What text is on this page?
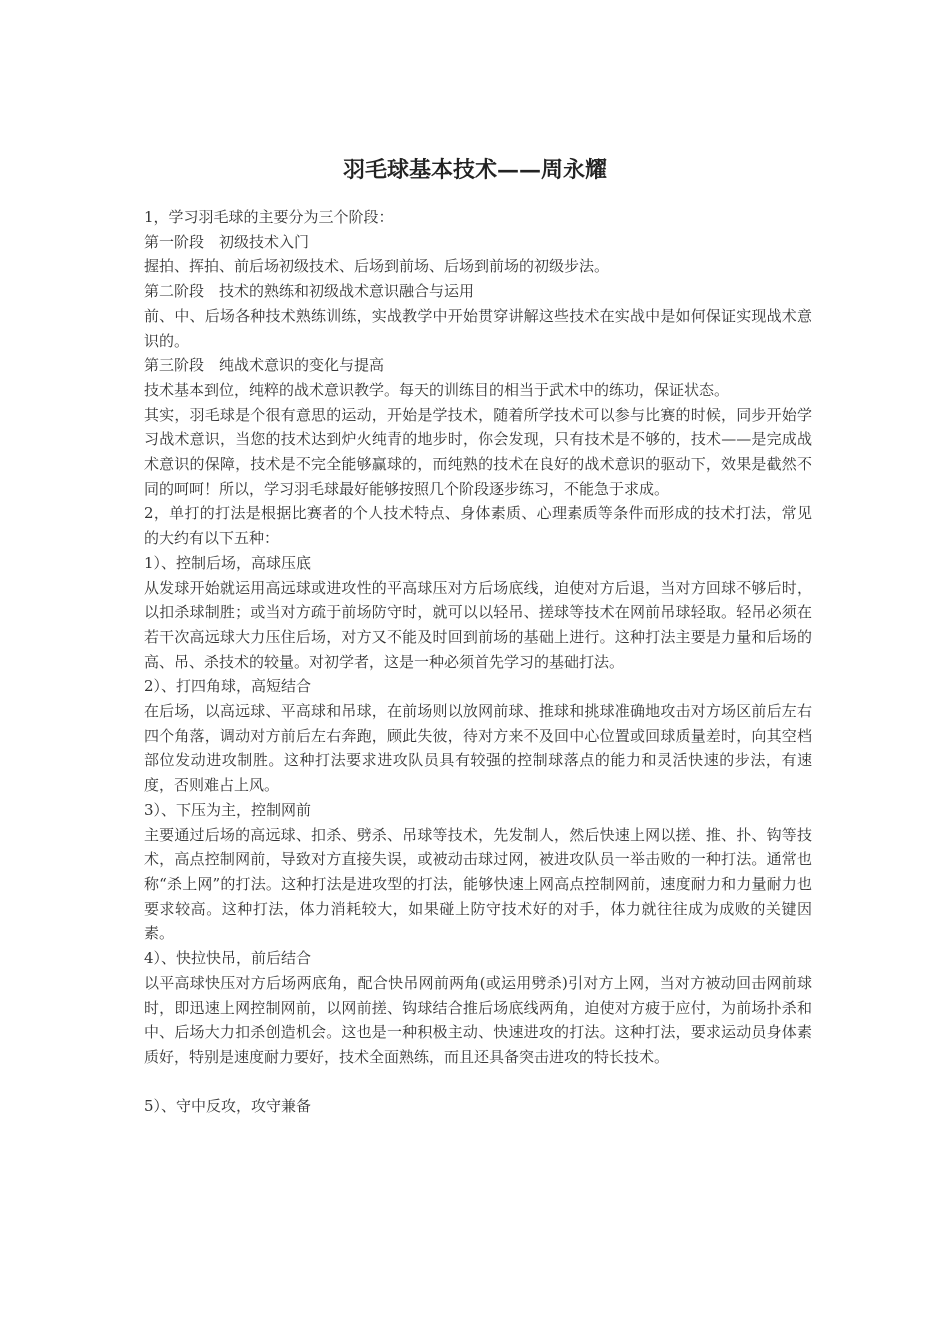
羽毛球基本技术——周永耀

1，学习羽毛球的主要分为三个阶段：

第一阶段　初级技术入门

握拍、挥拍、前后场初级技术、后场到前场、后场到前场的初级步法。

第二阶段　技术的熟练和初级战术意识融合与运用

前、中、后场各种技术熟练训练，实战教学中开始贯穿讲解这些技术在实战中是如何保证实现战术意识的。

第三阶段　纯战术意识的变化与提高

技术基本到位，纯粹的战术意识教学。每天的训练目的相当于武术中的练功，保证状态。

其实，羽毛球是个很有意思的运动，开始是学技术，随着所学技术可以参与比赛的时候，同步开始学习战术意识，当您的技术达到炉火纯青的地步时，你会发现，只有技术是不够的，技术——是完成战术意识的保障，技术是不完全能够赢球的，而纯熟的技术在良好的战术意识的驱动下，效果是截然不同的呵呵！所以，学习羽毛球最好能够按照几个阶段逐步练习，不能急于求成。

2，单打的打法是根据比赛者的个人技术特点、身体素质、心理素质等条件而形成的技术打法，常见的大约有以下五种：

1）、控制后场，高球压底

从发球开始就运用高远球或进攻性的平高球压对方后场底线，迫使对方后退，当对方回球不够后时，以扣杀球制胜；或当对方疏于前场防守时，就可以以轻吊、搓球等技术在网前吊球轻取。轻吊必须在若干次高远球大力压住后场，对方又不能及时回到前场的基础上进行。这种打法主要是力量和后场的高、吊、杀技术的较量。对初学者，这是一种必须首先学习的基础打法。

2）、打四角球，高短结合

在后场，以高远球、平高球和吊球，在前场则以放网前球、推球和挑球准确地攻击对方场区前后左右四个角落，调动对方前后左右奔跑，顾此失彼，待对方来不及回中心位置或回球质量差时，向其空档部位发动进攻制胜。这种打法要求进攻队员具有较强的控制球落点的能力和灵活快速的步法，有速度，否则难占上风。

3）、下压为主，控制网前

主要通过后场的高远球、扣杀、劈杀、吊球等技术，先发制人，然后快速上网以搓、推、扑、钩等技术，高点控制网前，导致对方直接失误，或被动击球过网，被进攻队员一举击败的一种打法。通常也称“杀上网”的打法。这种打法是进攻型的打法，能够快速上网高点控制网前，速度耐力和力量耐力也要求较高。这种打法，体力消耗较大，如果碰上防守技术好的对手，体力就往往成为成败的关键因素。

4）、快拉快吊，前后结合

以平高球快压对方后场两底角，配合快吊网前两角(或运用劈杀)引对方上网，当对方被动回击网前球时，即迅速上网控制网前，以网前搓、钩球结合推后场底线两角，迫使对方疲于应付，为前场扑杀和中、后场大力扣杀创造机会。这也是一种积极主动、快速进攻的打法。这种打法，要求运动员身体素质好，特别是速度耐力要好，技术全面熟练，而且还具备突击进攻的特长技术。

5）、守中反攻，攻守兼备
